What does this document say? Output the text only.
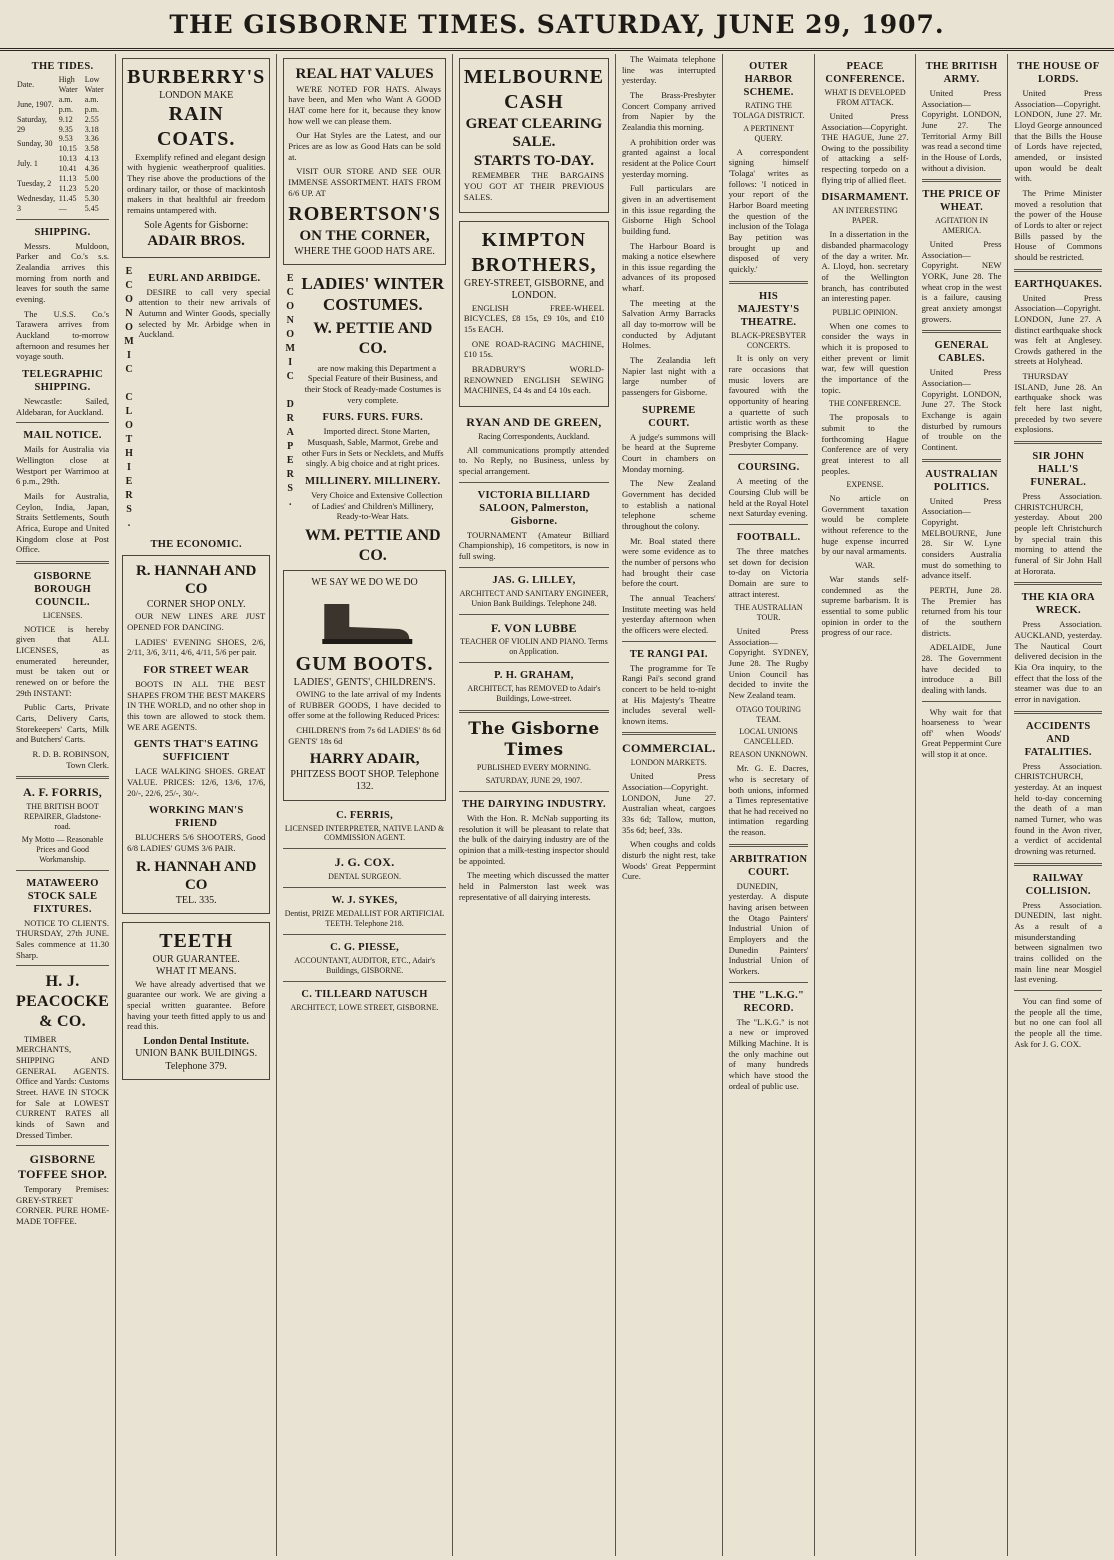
THE GISBORNE TIMES. SATURDAY, JUNE 29, 1907.
THE TIDES.
Date.	High Water	Low Water
June, 1907.	a.m. p.m.	a.m. p.m.
Saturday, 29	9.12 9.35	2.55 3.18
Sunday, 30	9.53 10.15	3.36 3.58
July. 1	10.13 10.41	4.13 4.36
Tuesday, 2	11.13 11.23	5.00 5.20
Wednesday, 3	11.45 —	5.30 5.45
SHIPPING.

Messrs. Muldoon, Parker and Co.'s s.s. Zealandia arrives this morning from north and leaves for south the same evening.

The U.S.S. Co.'s Tarawera arrives from Auckland to-morrow afternoon and resumes her voyage south.

TELEGRAPHIC SHIPPING.

Newcastle: Sailed, Aldebaran, for Auckland.

MAIL NOTICE.

Mails for Australia via Wellington close at Westport per Warrimoo at 6 p.m., 29th.

Mails for Australia, Ceylon, India, Japan, Straits Settlements, South Africa, Europe and United Kingdom close at Post Office.

GISBORNE BOROUGH COUNCIL.
LICENSES.

NOTICE is hereby given that ALL LICENSES, as enumerated hereunder, must be taken out or renewed on or before the 29th INSTANT:

Public Carts, Private Carts, Delivery Carts, Storekeepers' Carts, Milk and Butchers' Carts.

R. D. B. ROBINSON, Town Clerk.

A. F. FORRIS,
THE BRITISH BOOT REPAIRER, Gladstone-road.
My Motto — Reasonable Prices and Good Workmanship.
MATAWEERO STOCK SALE FIXTURES.

NOTICE TO CLIENTS. THURSDAY, 27th JUNE. Sales commence at 11.30 Sharp.

H. J. PEACOCKE & CO.

TIMBER MERCHANTS, SHIPPING AND GENERAL AGENTS. Office and Yards: Customs Street. HAVE IN STOCK for Sale at LOWEST CURRENT RATES all kinds of Sawn and Dressed Timber.

GISBORNE TOFFEE SHOP.

Temporary Premises: GREY-STREET CORNER. PURE HOME-MADE TOFFEE.

BURBERRY'S
LONDON MAKE
RAIN COATS.

Exemplify refined and elegant design with hygienic weatherproof qualities. They rise above the productions of the ordinary tailor, or those of mackintosh makers in that healthful air freedom remains untampered with.

Sole Agents for Gisborne:
ADAIR BROS.
ECONOMIC CLOTHIERS.	EURL AND ARBIDGE.

DESIRE to call very special attention to their new arrivals of Autumn and Winter Goods, specially selected by Mr. Arbidge when in Auckland.

THE ECONOMIC.
R. HANNAH AND CO
CORNER SHOP ONLY.

OUR NEW LINES ARE JUST OPENED FOR DANCING.

LADIES' EVENING SHOES, 2/6, 2/11, 3/6, 3/11, 4/6, 4/11, 5/6 per pair.

FOR STREET WEAR

BOOTS IN ALL THE BEST SHAPES FROM THE BEST MAKERS IN THE WORLD, and no other shop in this town are allowed to stock them. WE ARE AGENTS.

GENTS THAT'S EATING SUFFICIENT

LACE WALKING SHOES. GREAT VALUE. PRICES: 12/6, 13/6, 17/6, 20/-, 22/6, 25/-, 30/-.

WORKING MAN'S FRIEND

BLUCHERS 5/6 SHOOTERS, Good 6/8 LADIES' GUMS 3/6 PAIR.

R. HANNAH AND CO
TEL. 335.
TEETH
OUR GUARANTEE.
WHAT IT MEANS.

We have already advertised that we guarantee our work. We are giving a special written guarantee. Before having your teeth fitted apply to us and read this.

London Dental Institute.
UNION BANK BUILDINGS. Telephone 379.
REAL HAT VALUES

WE'RE NOTED FOR HATS. Always have been, and Men who Want A GOOD HAT come here for it, because they know how well we can please them.

Our Hat Styles are the Latest, and our Prices are as low as Good Hats can be sold at.

VISIT OUR STORE AND SEE OUR IMMENSE ASSORTMENT. HATS FROM 6/6 UP. AT

ROBERTSON'S
ON THE CORNER,
WHERE THE GOOD HATS ARE.
ECONOMIC DRAPERS. LADIES' WINTER COSTUMES.
W. PETTIE AND CO.

are now making this Department a Special Feature of their Business, and their Stock of Ready-made Costumes is very complete.

FURS. FURS. FURS.

Imported direct. Stone Marten, Musquash, Sable, Marmot, Grebe and other Furs in Sets or Necklets, and Muffs singly. A big choice and at right prices.

MILLINERY. MILLINERY.

Very Choice and Extensive Collection of Ladies' and Children's Millinery, Ready-to-Wear Hats.

WM. PETTIE AND CO.
WE SAY WE DO WE DO
GUM BOOTS.
LADIES', GENTS', CHILDREN'S.

OWING to the late arrival of my Indents of RUBBER GOODS, I have decided to offer some at the following Reduced Prices:

CHILDREN'S from 7s 6d LADIES' 8s 6d GENTS' 18s 6d

HARRY ADAIR,
PHITZESS BOOT SHOP. Telephone 132.
C. FERRIS,
LICENSED INTERPRETER, NATIVE LAND & COMMISSION AGENT.
J. G. COX.
DENTAL SURGEON.
W. J. SYKES,
Dentist, PRIZE MEDALLIST FOR ARTIFICIAL TEETH. Telephone 218.
C. G. PIESSE,
ACCOUNTANT, AUDITOR, ETC., Adair's Buildings, GISBORNE.
C. TILLEARD NATUSCH
ARCHITECT, LOWE STREET, GISBORNE.
MELBOURNE CASH
GREAT CLEARING SALE.
STARTS TO-DAY.

REMEMBER THE BARGAINS YOU GOT AT THEIR PREVIOUS SALES.

KIMPTON BROTHERS,
GREY-STREET, GISBORNE, and LONDON.

ENGLISH FREE-WHEEL BICYCLES, £8 15s, £9 10s, and £10 15s EACH.

ONE ROAD-RACING MACHINE, £10 15s.

BRADBURY'S WORLD-RENOWNED ENGLISH SEWING MACHINES, £4 4s and £4 10s each.

RYAN AND DE GREEN,
Racing Correspondents, Auckland.

All communications promptly attended to. No Reply, no Business, unless by special arrangement.

VICTORIA BILLIARD SALOON, Palmerston, Gisborne.

TOURNAMENT (Amateur Billiard Championship), 16 competitors, is now in full swing.

JAS. G. LILLEY,
ARCHITECT AND SANITARY ENGINEER, Union Bank Buildings. Telephone 248.
F. VON LUBBE
TEACHER OF VIOLIN AND PIANO. Terms on Application.
P. H. GRAHAM,
ARCHITECT, has REMOVED to Adair's Buildings, Lowe-street.
The Gisborne Times
PUBLISHED EVERY MORNING.
SATURDAY, JUNE 29, 1907.
THE DAIRYING INDUSTRY.

With the Hon. R. McNab supporting its resolution it will be pleasant to relate that the bulk of the dairying industry are of the opinion that a milk-testing inspector should be appointed.

The meeting which discussed the matter held in Palmerston last week was representative of all dairying interests.

The Waimata telephone line was interrupted yesterday.

The Brass-Presbyter Concert Company arrived from Napier by the Zealandia this morning.

A prohibition order was granted against a local resident at the Police Court yesterday morning.

Full particulars are given in an advertisement in this issue regarding the Gisborne High School building fund.

The Harbour Board is making a notice elsewhere in this issue regarding the advances of its proposed wharf.

The meeting at the Salvation Army Barracks all day to-morrow will be conducted by Adjutant Holmes.

The Zealandia left Napier last night with a large number of passengers for Gisborne.

SUPREME COURT.

A judge's summons will be heard at the Supreme Court in chambers on Monday morning.

The New Zealand Government has decided to establish a national telephone scheme throughout the colony.

Mr. Boal stated there were some evidence as to the number of persons who had brought their case before the court.

The annual Teachers' Institute meeting was held yesterday afternoon when the officers were elected.

TE RANGI PAI.

The programme for Te Rangi Pai's second grand concert to be held to-night at His Majesty's Theatre includes several well-known items.

COMMERCIAL.
LONDON MARKETS.

United Press Association—Copyright. LONDON, June 27. Australian wheat, cargoes 33s 6d; Tallow, mutton, 35s 6d; beef, 33s.

When coughs and colds disturb the night rest, take Woods' Great Peppermint Cure.

OUTER HARBOR SCHEME.
RATING THE TOLAGA DISTRICT.
A PERTINENT QUERY.

A correspondent signing himself 'Tolaga' writes as follows: 'I noticed in your report of the Harbor Board meeting the question of the inclusion of the Tolaga Bay petition was brought up and disposed of very quickly.'

HIS MAJESTY'S THEATRE.
BLACK-PRESBYTER CONCERTS.

It is only on very rare occasions that music lovers are favoured with the opportunity of hearing a quartette of such artistic worth as these comprising the Black-Presbyter Company.

COURSING.

A meeting of the Coursing Club will be held at the Royal Hotel next Saturday evening.

FOOTBALL.

The three matches set down for decision to-day on Victoria Domain are sure to attract interest.

THE AUSTRALIAN TOUR.

United Press Association—Copyright. SYDNEY, June 28. The Rugby Union Council has decided to invite the New Zealand team.

OTAGO TOURING TEAM.
LOCAL UNIONS CANCELLED.
REASON UNKNOWN.

Mr. G. E. Dacres, who is secretary of both unions, informed a Times representative that he had received no intimation regarding the reason.

ARBITRATION COURT.

DUNEDIN, yesterday. A dispute having arisen between the Otago Painters' Industrial Union of Employers and the Dunedin Painters' Industrial Union of Workers.

THE "L.K.G." RECORD.

The "L.K.G." is not a new or improved Milking Machine. It is the only machine out of many hundreds which have stood the ordeal of public use.

PEACE CONFERENCE.
WHAT IS DEVELOPED FROM ATTACK.

United Press Association—Copyright. THE HAGUE, June 27. Owing to the possibility of attacking a self-respecting torpedo on a flying trip of allied fleet.

DISARMAMENT.
AN INTERESTING PAPER.

In a dissertation in the disbanded pharmacology of the day a writer. Mr. A. Lloyd, hon. secretary of the Wellington branch, has contributed an interesting paper.

PUBLIC OPINION.

When one comes to consider the ways in which it is proposed to either prevent or limit war, few will question the importance of the topic.

THE CONFERENCE.

The proposals to submit to the forthcoming Hague Conference are of very great interest to all peoples.

EXPENSE.

No article on Government taxation would be complete without reference to the huge expense incurred by our naval armaments.

WAR.

War stands self-condemned as the supreme barbarism. It is essential to some public opinion in order to the progress of our race.

THE BRITISH ARMY.

United Press Association—Copyright. LONDON, June 27. The Territorial Army Bill was read a second time in the House of Lords, without a division.

THE PRICE OF WHEAT.
AGITATION IN AMERICA.

United Press Association—Copyright. NEW YORK, June 28. The wheat crop in the west is a failure, causing great anxiety amongst growers.

GENERAL CABLES.

United Press Association—Copyright. LONDON, June 27. The Stock Exchange is again disturbed by rumours of trouble on the Continent.

AUSTRALIAN POLITICS.

United Press Association—Copyright. MELBOURNE, June 28. Sir W. Lyne considers Australia must do something to advance itself.

PERTH, June 28. The Premier has returned from his tour of the southern districts.

ADELAIDE, June 28. The Government have decided to introduce a Bill dealing with lands.

Why wait for that hoarseness to 'wear off' when Woods' Great Peppermint Cure will stop it at once.

THE HOUSE OF LORDS.

United Press Association—Copyright. LONDON, June 27. Mr. Lloyd George announced that the Bills the House of Lords have rejected, amended, or insisted upon would be dealt with.

The Prime Minister moved a resolution that the power of the House of Lords to alter or reject Bills passed by the House of Commons should be restricted.

EARTHQUAKES.

United Press Association—Copyright. LONDON, June 27. A distinct earthquake shock was felt at Anglesey. Crowds gathered in the streets at Holyhead.

THURSDAY ISLAND, June 28. An earthquake shock was felt here last night, preceded by two severe explosions.

SIR JOHN HALL'S FUNERAL.

Press Association. CHRISTCHURCH, yesterday. About 200 people left Christchurch by special train this morning to attend the funeral of Sir John Hall at Hororata.

THE KIA ORA WRECK.

Press Association. AUCKLAND, yesterday. The Nautical Court delivered decision in the Kia Ora inquiry, to the effect that the loss of the steamer was due to an error in navigation.

ACCIDENTS AND FATALITIES.

Press Association. CHRISTCHURCH, yesterday. At an inquest held to-day concerning the death of a man named Turner, who was found in the Avon river, a verdict of accidental drowning was returned.

RAILWAY COLLISION.

Press Association. DUNEDIN, last night. As a result of a misunderstanding between signalmen two trains collided on the main line near Mosgiel last evening.

You can find some of the people all the time, but no one can fool all the people all the time. Ask for J. G. COX.
